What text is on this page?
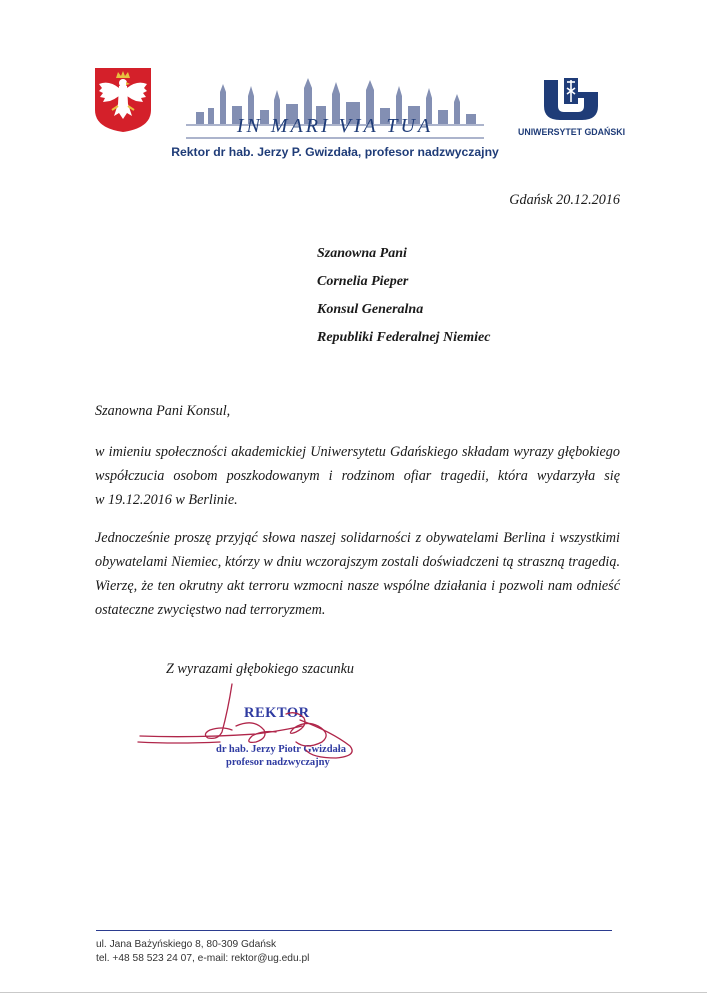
IN MARI VIA TUA
Rektor dr hab. Jerzy P. Gwizdała, profesor nadzwyczajny
UNIWERSYTET GDAŃSKI
Gdańsk 20.12.2016
Szanowna Pani
Cornelia Pieper
Konsul Generalna
Republiki Federalnej Niemiec
Szanowna Pani Konsul,
w imieniu społeczności akademickiej Uniwersytetu Gdańskiego składam wyrazy głębokiego
współczucia osobom poszkodowanym i rodzinom ofiar tragedii, która wydarzyła się
w 19.12.2016 w Berlinie.
Jednocześnie proszę przyjąć słowa naszej solidarności z obywatelami Berlina i wszystkimi
obywatelami Niemiec, którzy w dniu wczorajszym zostali doświadczeni tą straszną tragedią.
Wierzę, że ten okrutny akt terroru wzmocni nasze wspólne działania i pozwoli nam odnieść
ostateczne zwycięstwo nad terroryzmem.
Z wyrazami głębokiego szacunku
REKTOR
dr hab. Jerzy Piotr Gwizdała
profesor nadzwyczajny
ul. Jana Bażyńskiego 8, 80-309 Gdańsk
tel. +48 58 523 24 07, e-mail: rektor@ug.edu.pl
